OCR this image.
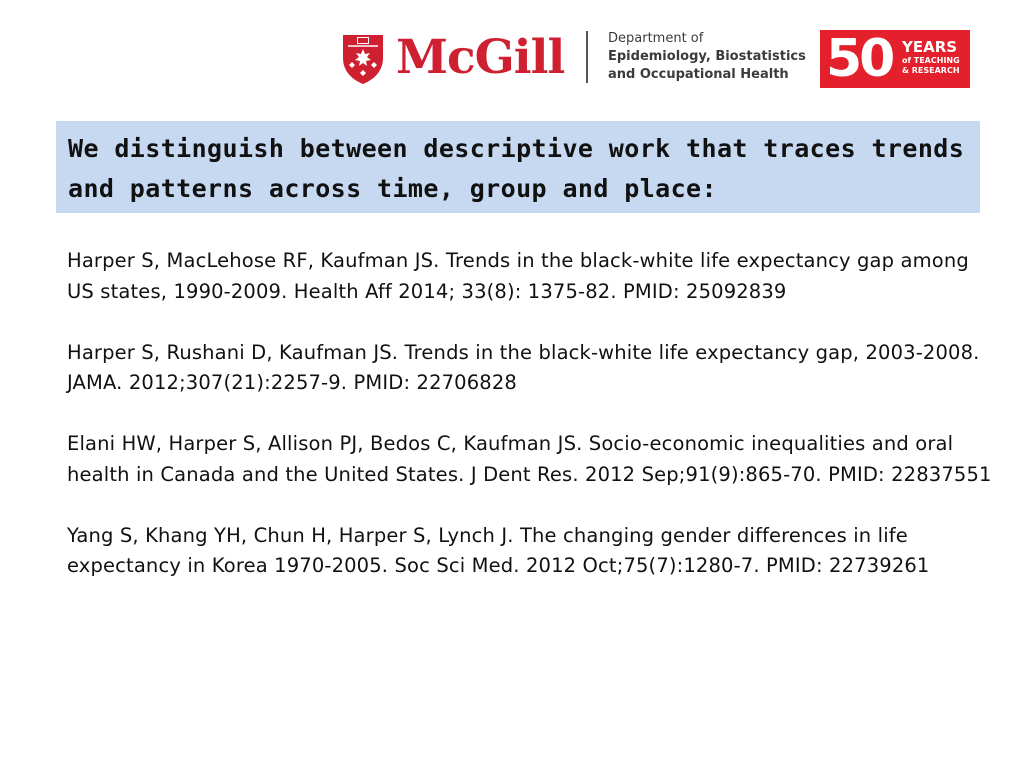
McGill	Department of
Epidemiology, Biostatistics
and Occupational Health 50 YEARS
of TEACHING
& RESEARCH
We distinguish between descriptive work that traces trends and patterns across time, group and place:

Harper S, MacLehose RF, Kaufman JS. Trends in the black-white life expectancy gap among US states, 1990-2009. Health Aff 2014; 33(8): 1375-82. PMID: 25092839

Harper S, Rushani D, Kaufman JS. Trends in the black-white life expectancy gap, 2003-2008. JAMA. 2012;307(21):2257-9. PMID: 22706828

Elani HW, Harper S, Allison PJ, Bedos C, Kaufman JS. Socio-economic inequalities and oral health in Canada and the United States. J Dent Res. 2012 Sep;91(9):865-70. PMID: 22837551

Yang S, Khang YH, Chun H, Harper S, Lynch J. The changing gender differences in life expectancy in Korea 1970-2005. Soc Sci Med. 2012 Oct;75(7):1280-7. PMID: 22739261
